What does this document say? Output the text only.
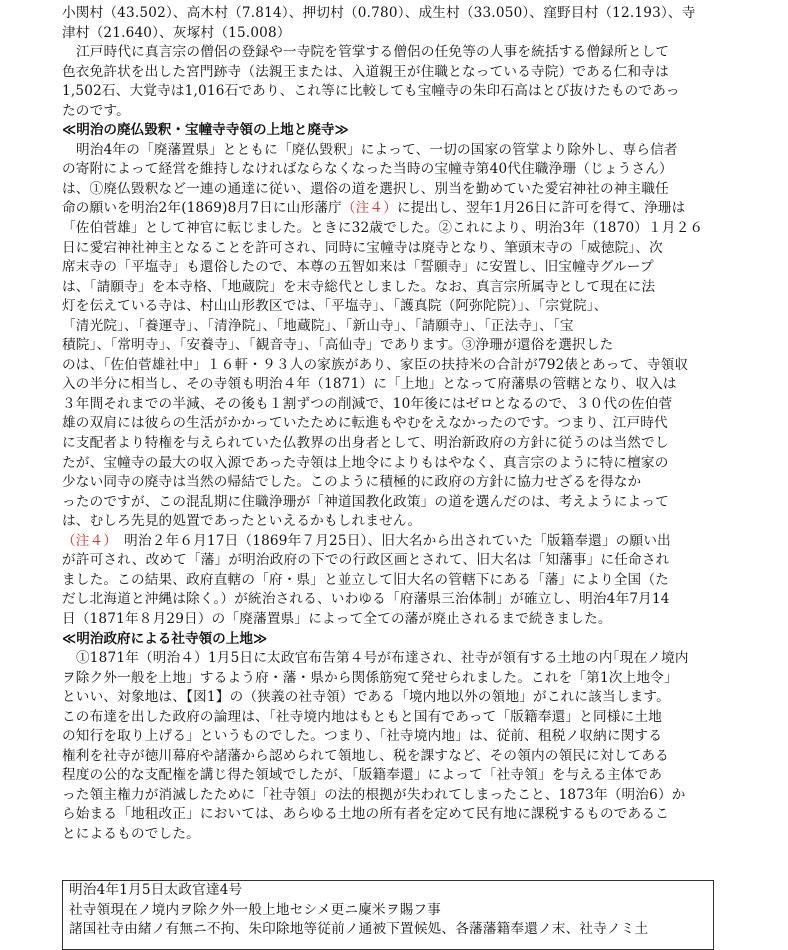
小関村（43.502）、高木村（7.814）、押切村（0.780）、成生村（33.050）、窪野目村（12.193）、寺

津村（21.640）、灰塚村（15.008）

江戸時代に真言宗の僧侶の登録や一寺院を管掌する僧侶の任免等の人事を統括する僧録所として

色衣免許状を出した宮門跡寺（法親王または、入道親王が住職となっている寺院）である仁和寺は

1,502石、大覚寺は1,016石であり、これ等に比較しても宝幢寺の朱印石高はとび抜けたものであっ

たのです。

≪明治の廃仏毀釈・宝幢寺寺領の上地と廃寺≫

明治4年の「廃藩置県」とともに「廃仏毀釈」によって、一切の国家の管掌より除外し、専ら信者

の寄附によって経営を維持しなければならなくなった当時の宝幢寺第40代住職浄珊（じょうさん）

は、①廃仏毀釈など一連の通達に従い、還俗の道を選択し、別当を勤めていた愛宕神社の神主職任

命の願いを明治2年(1869)8月7日に山形藩庁（注４）に提出し、翌年1月26日に許可を得て、浄珊は

「佐伯菅雄」として神官に転じました。ときに32歳でした。②これにより、明治3年（1870）１月２６

日に愛宕神社神主となることを許可され、同時に宝幢寺は廃寺となり、筆頭末寺の「威徳院」、次

席末寺の「平塩寺」も還俗したので、本尊の五智如来は「誓願寺」に安置し、旧宝幢寺グループ

は、「請願寺」を本寺格、「地蔵院」を末寺総代としました。なお、真言宗所属寺として現在に法

灯を伝えている寺は、村山山形教区では、「平塩寺」、「護真院（阿弥陀院）」、「宗覚院」、

「清光院」、「養運寺」、「清浄院」、「地蔵院」、「新山寺」、「請願寺」、「正法寺」、「宝

積院」、「常明寺」、「安養寺」、「観音寺」、「高仙寺」であります。③浄珊が還俗を選択した

のは、「佐伯菅雄社中」１６軒・９３人の家族があり、家臣の扶持米の合計が792俵とあって、寺領収

入の半分に相当し、その寺領も明治４年（1871）に「上地」となって府藩県の管轄となり、収入は

３年間それまでの半減、その後も１割ずつの削減で、10年後にはゼロとなるので、３０代の佐伯菅

雄の双肩には彼らの生活がかかっていたために転進もやむをえなかったのです。つまり、江戸時代

に支配者より特権を与えられていた仏教界の出身者として、明治新政府の方針に従うのは当然でし

たが、宝幢寺の最大の収入源であった寺領は上地令によりもはやなく、真言宗のように特に檀家の

少ない同寺の廃寺は当然の帰結でした。このように積極的に政府の方針に協力せざるを得なか

ったのですが、この混乱期に住職浄珊が「神道国教化政策」の道を選んだのは、考えようによって

は、むしろ先見的処置であったといえるかもしれません。

（注４）　明治２年６月17日（1869年７月25日）、旧大名から出されていた「版籍奉還」の願い出

が許可され、改めて「藩」が明治政府の下での行政区画とされて、旧大名は「知藩事」に任命され

ました。この結果、政府直轄の「府・県」と並立して旧大名の管轄下にある「藩」により全国（た

だし北海道と沖縄は除く。）が統治される、いわゆる「府藩県三治体制」が確立し、明治4年7月14

日（1871年８月29日）の「廃藩置県」によって全ての藩が廃止されるまで続きました。

≪明治政府による社寺領の上地≫

①1871年（明治４）1月5日に太政官布告第４号が布達され、社寺が領有する土地の内｢現在ノ境内

ヲ除ク外一般を上地」するよう府・藩・県から関係筋宛て発せられました。これを「第1次上地令」

といい、対象地は、【図1】の（狭義の社寺領）である「境内地以外の領地」がこれに該当します。

この布達を出した政府の論理は、「社寺境内地はもともと国有であって「版籍奉還」と同様に土地

の知行を取り上げる」というものでした。つまり、「社寺境内地」は、従前、租税ノ収納に関する

権利を社寺が徳川幕府や諸藩から認められて領地し、税を課すなど、その領内の領民に対してある

程度の公的な支配権を講じ得た領域でしたが、「版籍奉還」によって「社寺領」を与える主体であ

った領主権力が消滅したために「社寺領」の法的根拠が失われてしまったこと、1873年（明治6）か

ら始まる「地租改正」においては、あらゆる土地の所有者を定めて民有地に課税するものであるこ

とによるものでした。

明治4年1月5日太政官達4号

社寺領現在ノ境内ヲ除ク外一般上地セシメ更ニ廩米ヲ賜フ事

諸国社寺由緒ノ有無ニ不拘、朱印除地等従前ノ通被下置候処、各藩藩籍奉還ノ末、社寺ノミ土
